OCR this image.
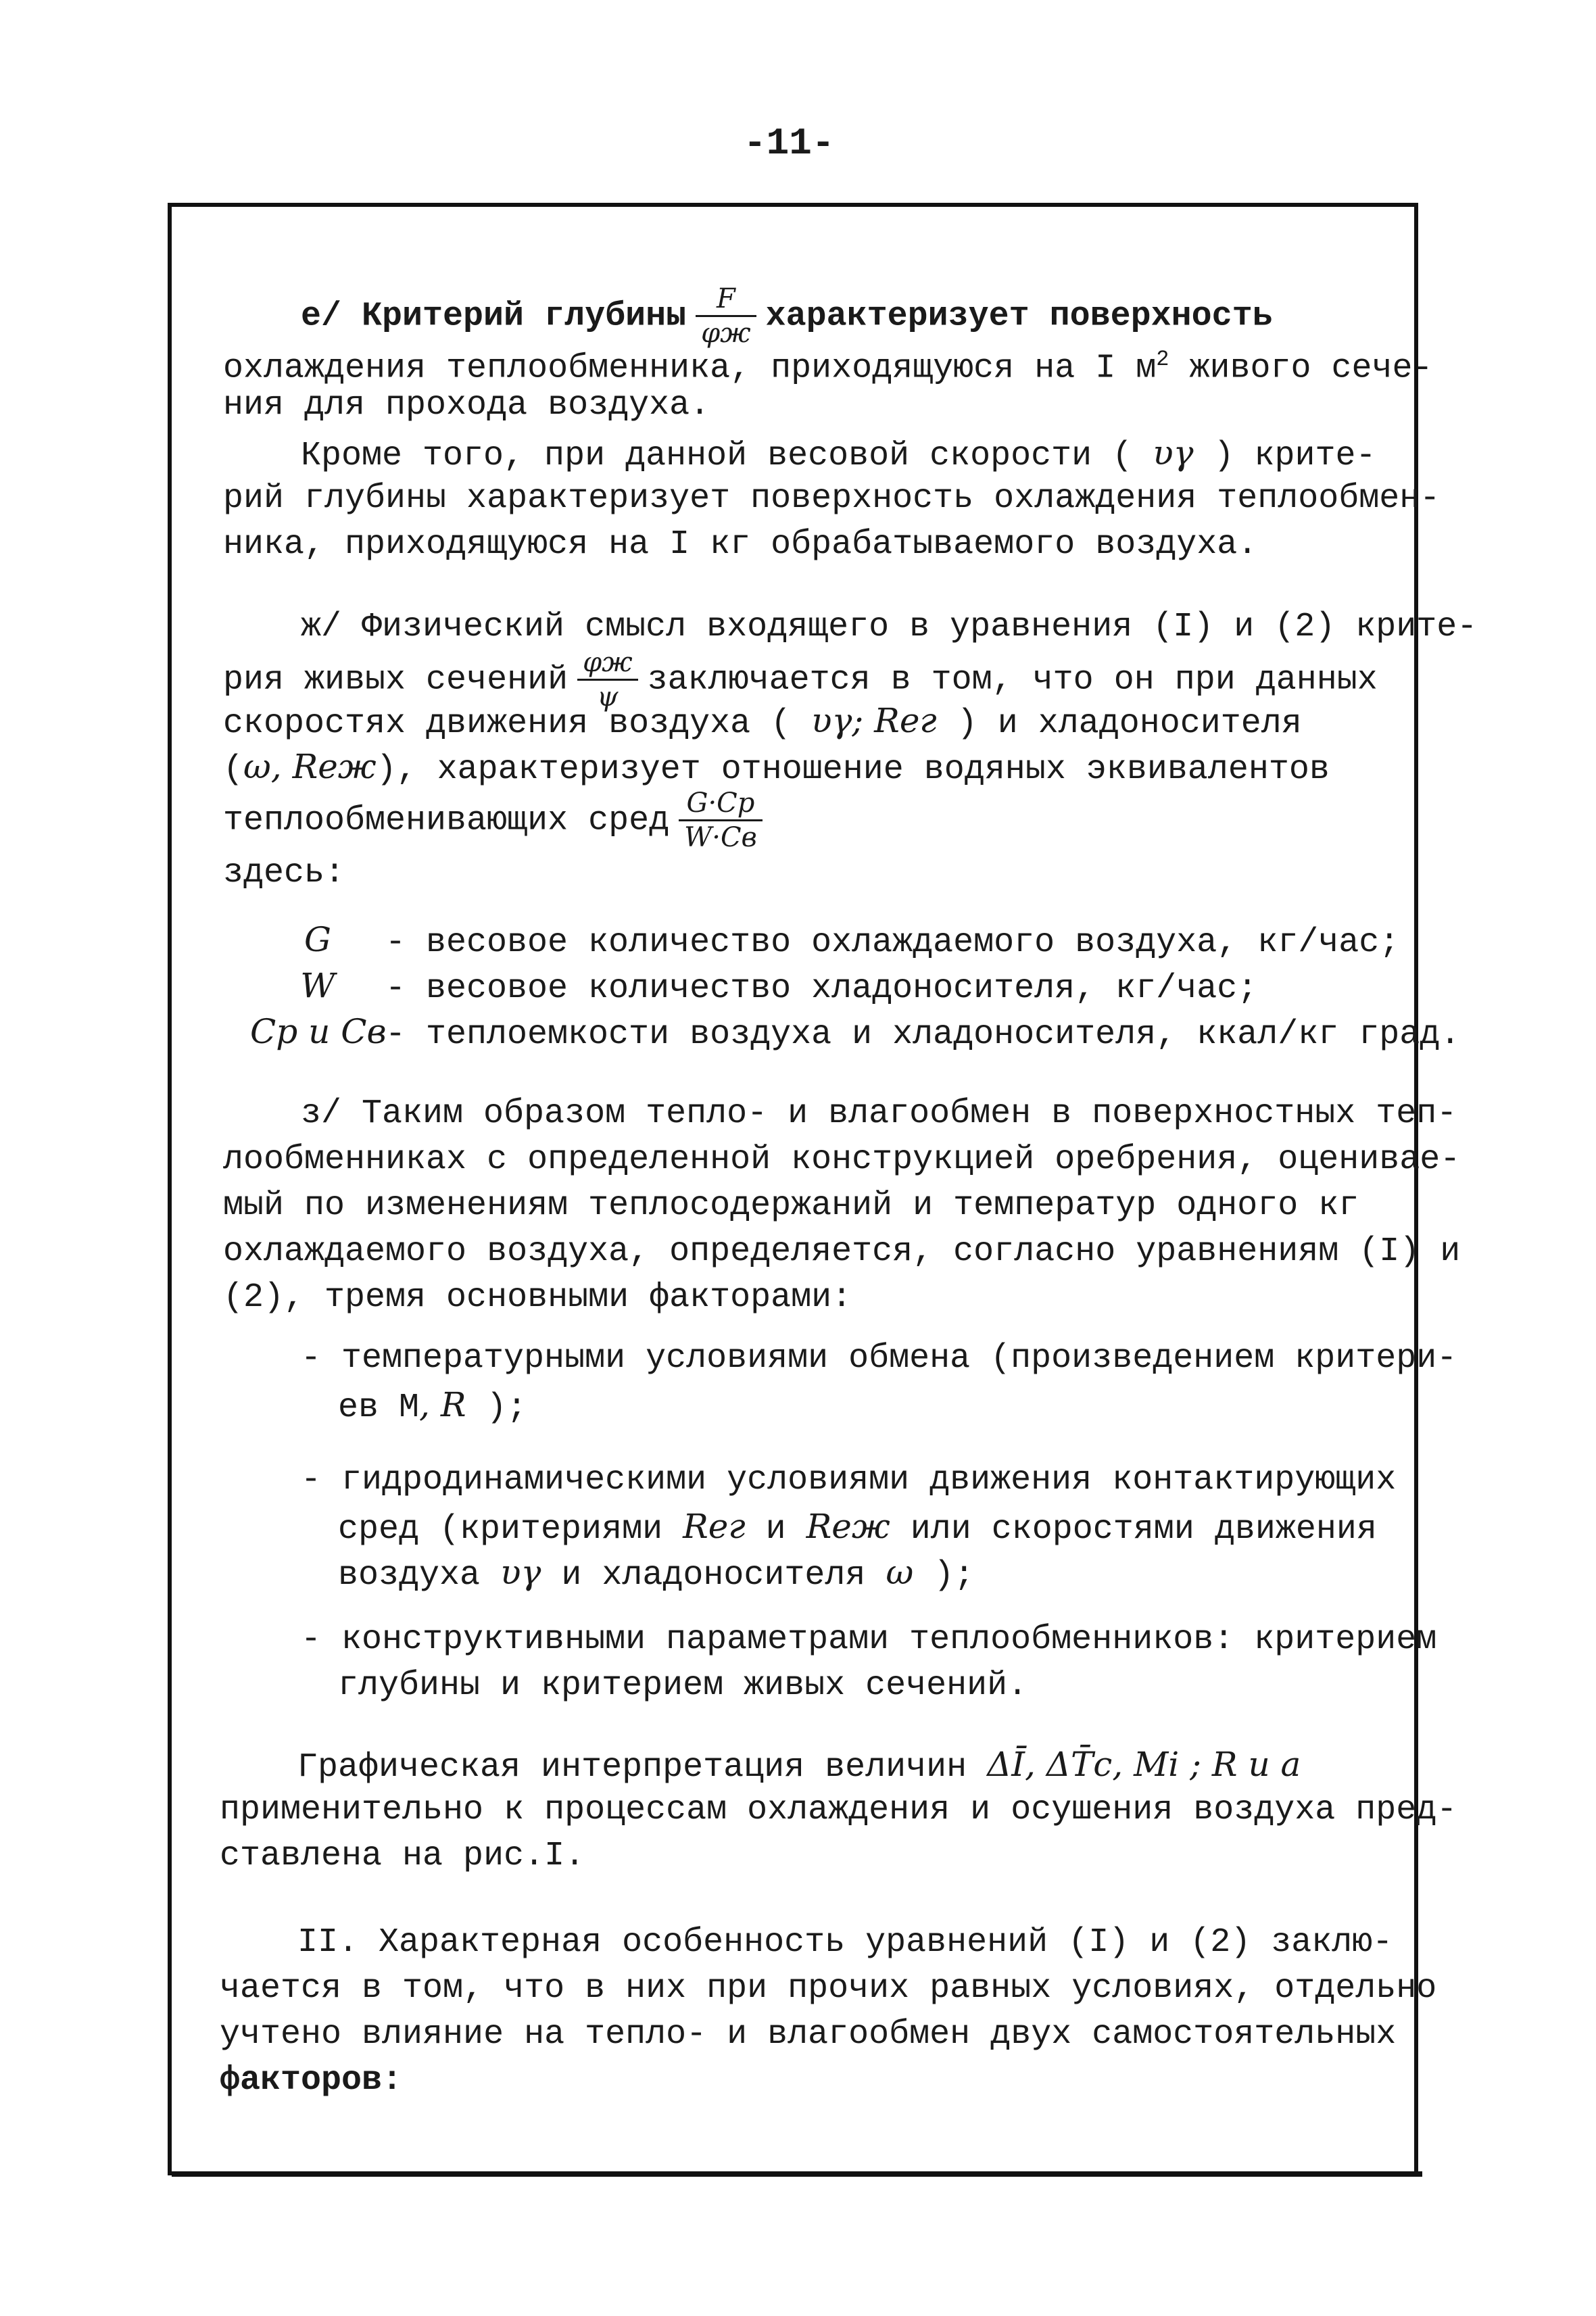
-11-
е/ Критерий глубины $\frac{F}{\varphi ж}$ характеризует поверхность
охлаждения теплообменника, приходящуюся на I $м^2$ живого сече-
ния для прохода воздуха.
Кроме того, при данной весовой скорости ( υγ ) крите-
рий глубины характеризует поверхность охлаждения теплообмен-
ника, приходящуюся на I кг обрабатываемого воздуха.
ж/ Физический смысл входящего в уравнения (I) и (2) крите-
рия живых сечений $\frac{\varphi ж}{\psi}$ заключается в том, что он при данных
скоростях движения воздуха ( υγ; Reг ) и хладоносителя
(ω, Reж), характеризует отношение водяных эквивалентов
теплообменивающих сред $\frac{G\cdot Cp}{W\cdot Cв}$
здесь:
G - весовое количество охлаждаемого воздуха, кг/час;
W - весовое количество хладоносителя, кг/час;
Cp и Cв- теплоемкости воздуха и хладоносителя, ккал/кг град.
з/ Таким образом тепло- и влагообмен в поверхностных теп-
лообменниках с определенной конструкцией оребрения, оценивае-
мый по изменениям теплосодержаний и температур одного кг
охлаждаемого воздуха, определяется, согласно уравнениям (I) и
(2), тремя основными факторами:
- температурными условиями обмена (произведением критери-
ев М, R );
- гидродинамическими условиями движения контактирующих
сред (критериями Reг и Reж или скоростями движения
воздуха υγ и хладоносителя ω );
- конструктивными параметрами теплообменников: критерием
глубины и критерием живых сечений.
Графическая интерпретация величин ΔĪ, ΔT̄c, Mi ; R и a
применительно к процессам охлаждения и осушения воздуха пред-
ставлена на рис.I.
II. Характерная особенность уравнений (I) и (2) заклю-
чается в том, что в них при прочих равных условиях, отдельно
учтено влияние на тепло- и влагообмен двух самостоятельных
факторов:
